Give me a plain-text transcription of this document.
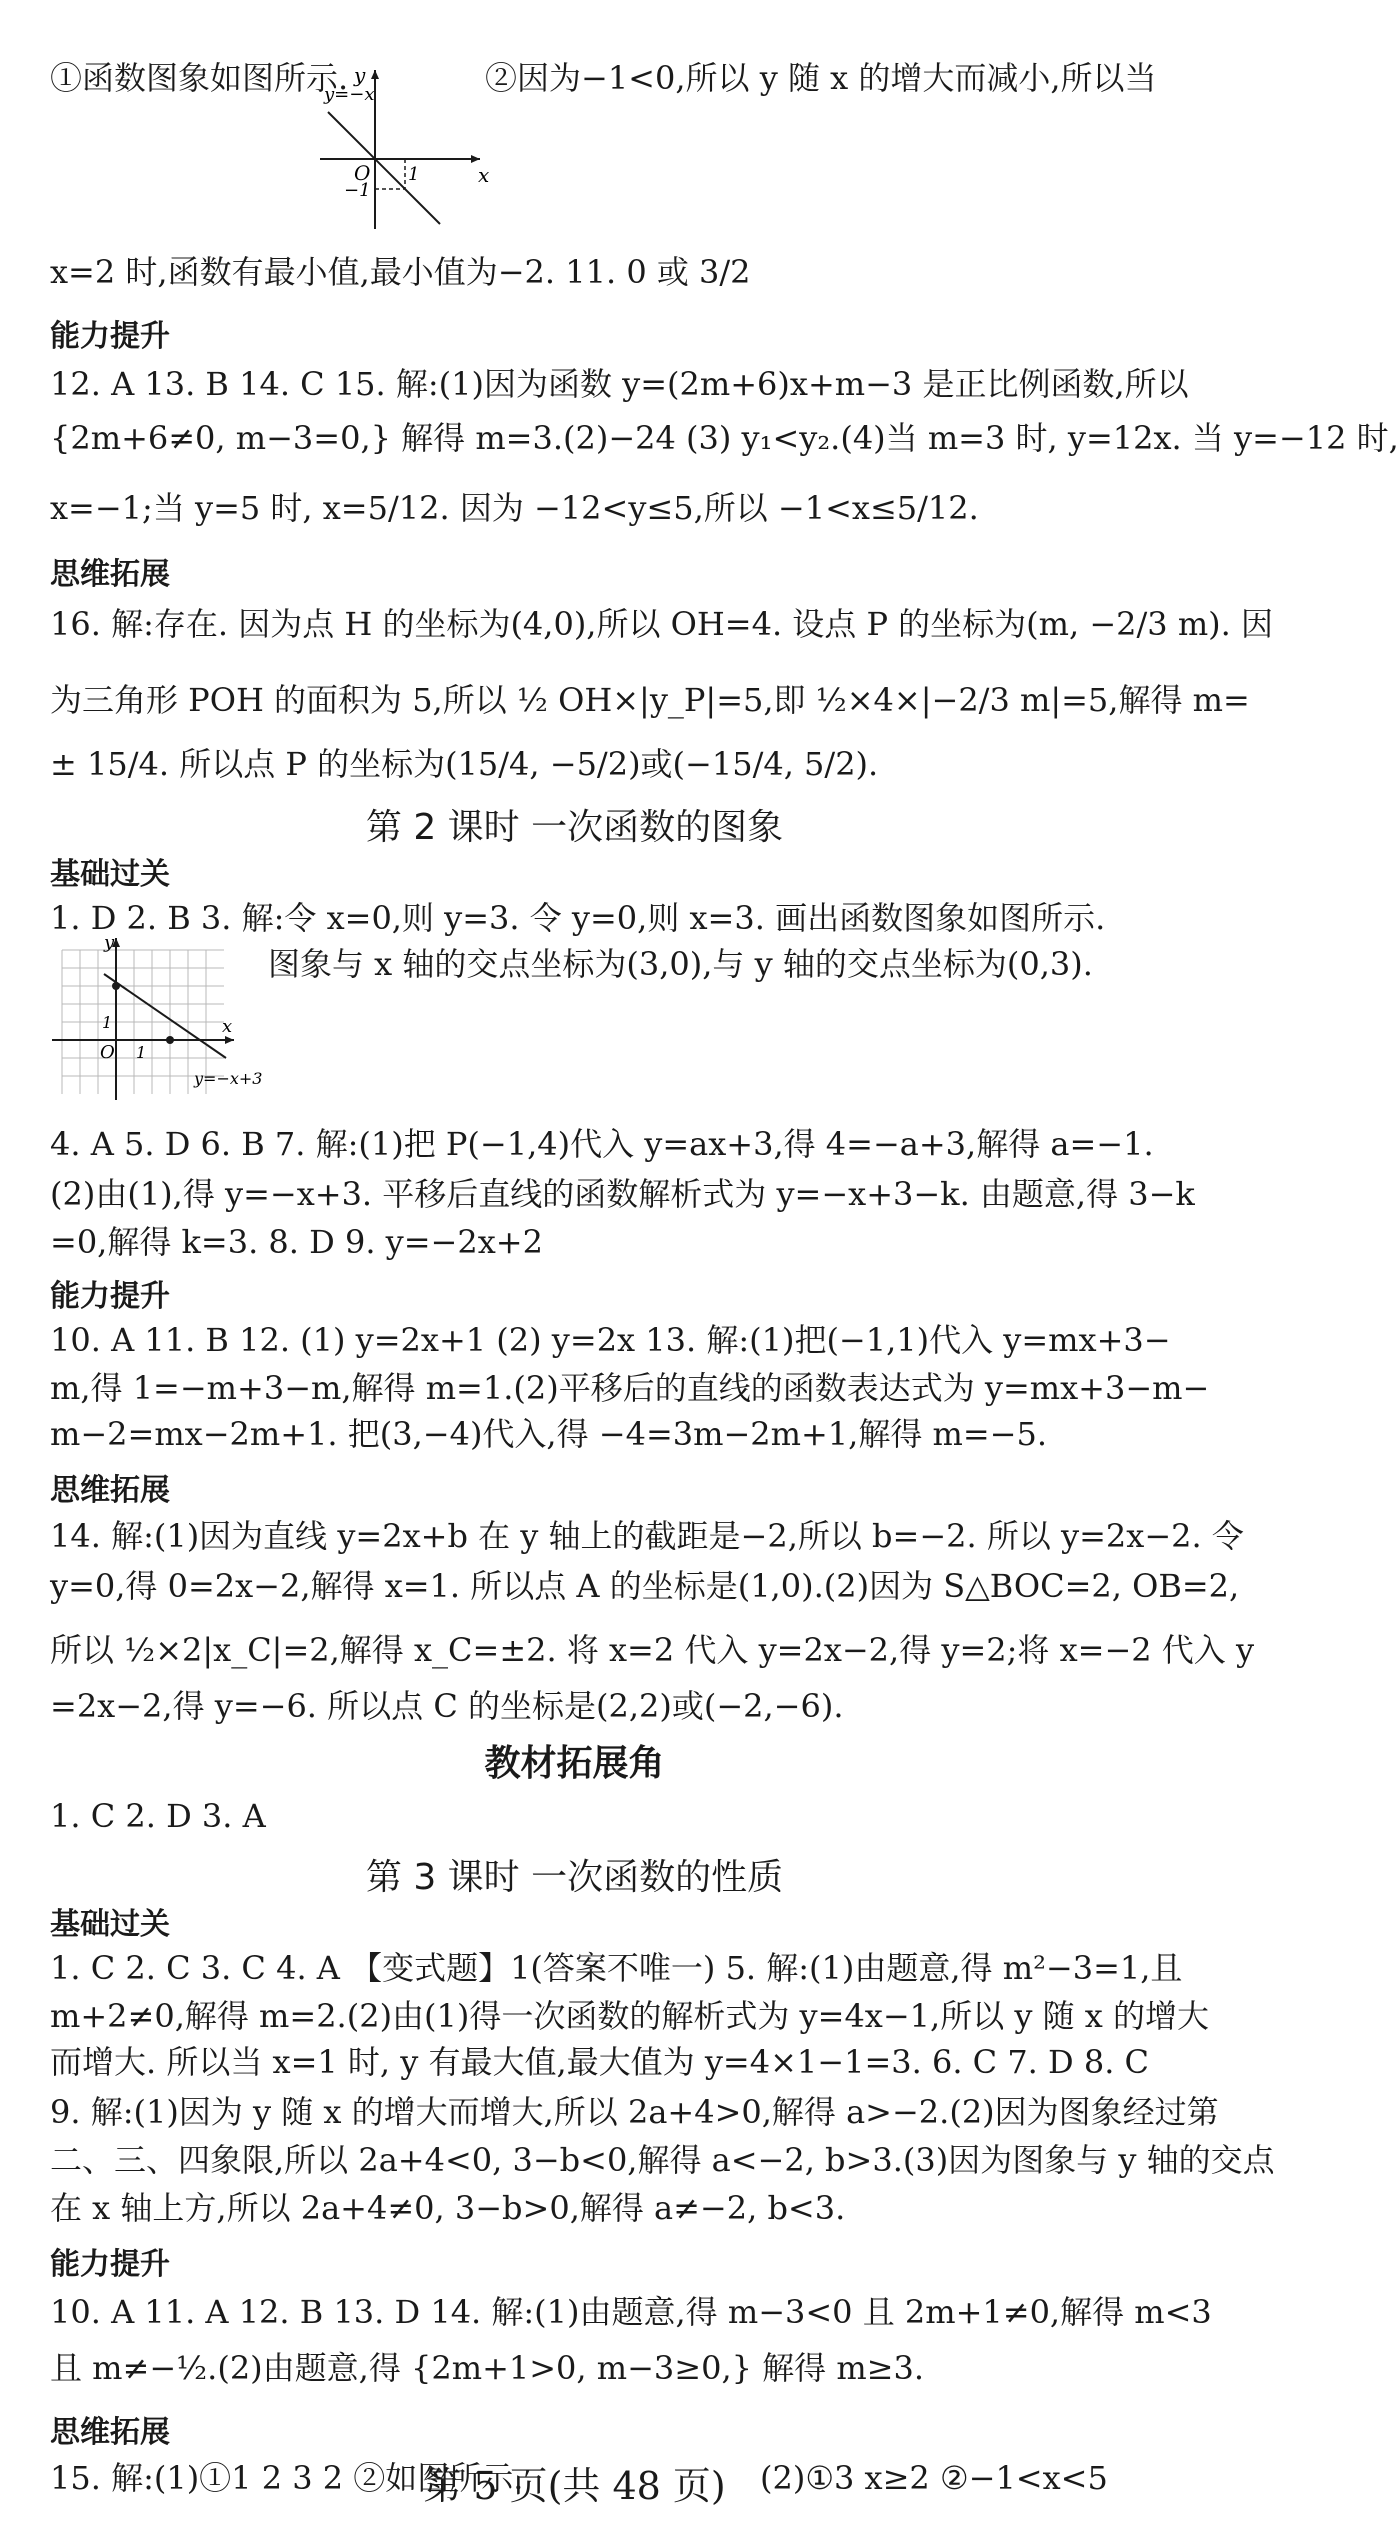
①函数图象如图所示.	②因为−1<0,所以 y 随 x 的增大而减小,所以当
y=−x
x
y
O 1
−1
x=2 时,函数有最小值,最小值为−2. 11. 0 或 3/2
能力提升
12. A 13. B 14. C 15. 解:(1)因为函数 y=(2m+6)x+m−3 是正比例函数,所以
{2m+6≠0, m−3=0,} 解得 m=3.(2)−24 (3) y₁<y₂.(4)当 m=3 时, y=12x. 当 y=−12 时,
x=−1;当 y=5 时, x=5/12. 因为 −12<y≤5,所以 −1<x≤5/12.
思维拓展
16. 解:存在. 因为点 H 的坐标为(4,0),所以 OH=4. 设点 P 的坐标为(m, −2/3 m). 因
为三角形 POH 的面积为 5,所以 ½ OH×|y_P|=5,即 ½×4×|−2/3 m|=5,解得 m=
± 15/4. 所以点 P 的坐标为(15/4, −5/2)或(−15/4, 5/2).
第 2 课时 一次函数的图象
基础过关
1. D 2. B 3. 解:令 x=0,则 y=3. 令 y=0,则 x=3. 画出函数图象如图所示.
图象与 x 轴的交点坐标为(3,0),与 y 轴的交点坐标为(0,3).
y
x
O 1
1
y=−x+3
4. A 5. D 6. B 7. 解:(1)把 P(−1,4)代入 y=ax+3,得 4=−a+3,解得 a=−1.
(2)由(1),得 y=−x+3. 平移后直线的函数解析式为 y=−x+3−k. 由题意,得 3−k
=0,解得 k=3. 8. D 9. y=−2x+2
能力提升
10. A 11. B 12. (1) y=2x+1 (2) y=2x 13. 解:(1)把(−1,1)代入 y=mx+3−
m,得 1=−m+3−m,解得 m=1.(2)平移后的直线的函数表达式为 y=mx+3−m−
m−2=mx−2m+1. 把(3,−4)代入,得 −4=3m−2m+1,解得 m=−5.
思维拓展
14. 解:(1)因为直线 y=2x+b 在 y 轴上的截距是−2,所以 b=−2. 所以 y=2x−2. 令
y=0,得 0=2x−2,解得 x=1. 所以点 A 的坐标是(1,0).(2)因为 S△BOC=2, OB=2,
所以 ½×2|x_C|=2,解得 x_C=±2. 将 x=2 代入 y=2x−2,得 y=2;将 x=−2 代入 y
=2x−2,得 y=−6. 所以点 C 的坐标是(2,2)或(−2,−6).
教材拓展角
1. C 2. D 3. A
第 3 课时 一次函数的性质
基础过关
1. C 2. C 3. C 4. A 【变式题】1(答案不唯一) 5. 解:(1)由题意,得 m²−3=1,且
m+2≠0,解得 m=2.(2)由(1)得一次函数的解析式为 y=4x−1,所以 y 随 x 的增大
而增大. 所以当 x=1 时, y 有最大值,最大值为 y=4×1−1=3. 6. C 7. D 8. C
9. 解:(1)因为 y 随 x 的增大而增大,所以 2a+4>0,解得 a>−2.(2)因为图象经过第
二、三、四象限,所以 2a+4<0, 3−b<0,解得 a<−2, b>3.(3)因为图象与 y 轴的交点
在 x 轴上方,所以 2a+4≠0, 3−b>0,解得 a≠−2, b<3.
能力提升
10. A 11. A 12. B 13. D 14. 解:(1)由题意,得 m−3<0 且 2m+1≠0,解得 m<3
且 m≠−½.(2)由题意,得 {2m+1>0, m−3≥0,} 解得 m≥3.
思维拓展
15. 解:(1)①1 2 3 2 ②如图所示.	(2)①3 x≥2 ②−1<x<5
第 5 页(共 48 页)
